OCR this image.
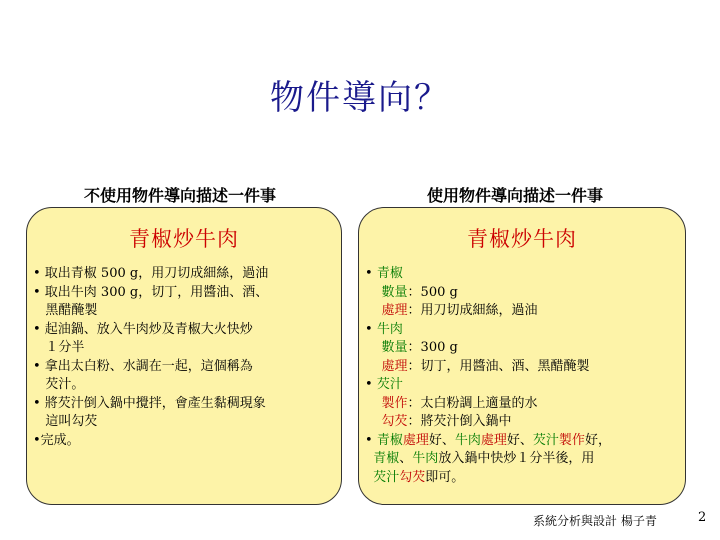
物件導向？
不使用物件導向描述一件事	使用物件導向描述一件事
青椒炒牛肉
• 取出青椒 500 g，用刀切成細絲，過油
• 取出牛肉 300 g，切丁，用醬油、酒、
黑醋醃製
• 起油鍋、放入牛肉炒及青椒大火快炒
１分半
• 拿出太白粉、水調在一起，這個稱為
芡汁。
• 將芡汁倒入鍋中攪拌，會產生黏稠現象
這叫勾芡
•完成。
青椒炒牛肉
• 青椒
數量：500 g
處理：用刀切成細絲，過油
• 牛肉
數量：300 g
處理：切丁，用醬油、酒、黑醋醃製
• 芡汁
製作：太白粉調上適量的水
勾芡：將芡汁倒入鍋中
• 青椒處理好、牛肉處理好、芡汁製作好，
青椒、牛肉放入鍋中快炒１分半後，用
芡汁勾芡即可。
系統分析與設計 楊子青	2
